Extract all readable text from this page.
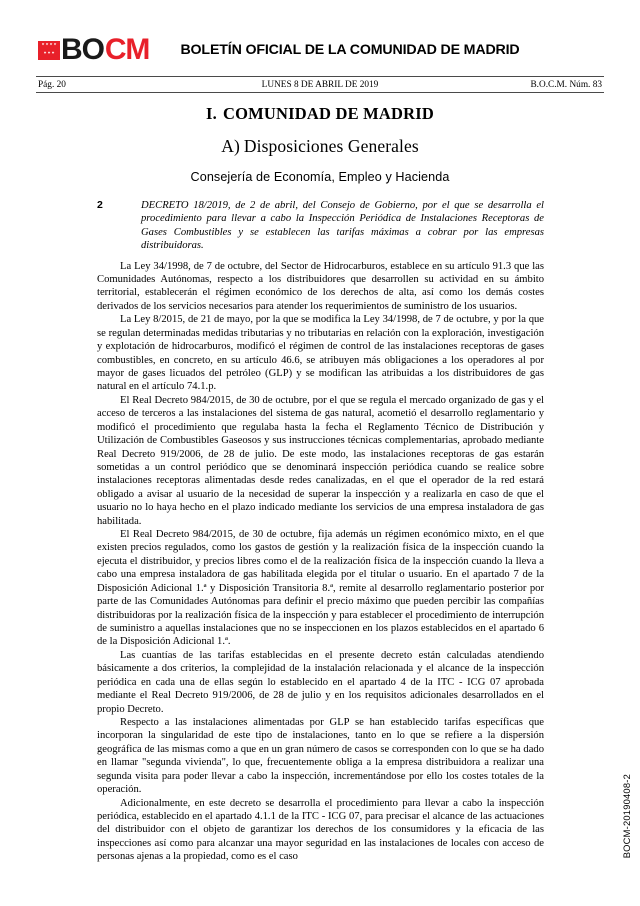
BOLETÍN OFICIAL DE LA COMUNIDAD DE MADRID
BO CM
Pág. 20	LUNES 8 DE ABRIL DE 2019	B.O.C.M. Núm. 83
I. COMUNIDAD DE MADRID
A) Disposiciones Generales
Consejería de Economía, Empleo y Hacienda
2	DECRETO 18/2019, de 2 de abril, del Consejo de Gobierno, por el que se desarrolla el procedimiento para llevar a cabo la Inspección Periódica de Instalaciones Receptoras de Gases Combustibles y se establecen las tarifas máximas a cobrar por las empresas distribuidoras.

La Ley 34/1998, de 7 de octubre, del Sector de Hidrocarburos, establece en su artículo 91.3 que las Comunidades Autónomas, respecto a los distribuidores que desarrollen su actividad en su ámbito territorial, establecerán el régimen económico de los derechos de alta, así como los demás costes derivados de los servicios necesarios para atender los requerimientos de suministro de los usuarios.

La Ley 8/2015, de 21 de mayo, por la que se modifica la Ley 34/1998, de 7 de octubre, y por la que se regulan determinadas medidas tributarias y no tributarias en relación con la exploración, investigación y explotación de hidrocarburos, modificó el régimen de control de las instalaciones receptoras de gases combustibles, en concreto, en su artículo 46.6, se atribuyen más obligaciones a los operadores al por mayor de gases licuados del petróleo (GLP) y se modifican las atribuidas a los distribuidores de gas natural en el artículo 74.1.p.

El Real Decreto 984/2015, de 30 de octubre, por el que se regula el mercado organizado de gas y el acceso de terceros a las instalaciones del sistema de gas natural, acometió el desarrollo reglamentario y modificó el procedimiento que regulaba hasta la fecha el Reglamento Técnico de Distribución y Utilización de Combustibles Gaseosos y sus instrucciones técnicas complementarias, aprobado mediante Real Decreto 919/2006, de 28 de julio. De este modo, las instalaciones receptoras de gas estarán sometidas a un control periódico que se denominará inspección periódica cuando se realice sobre instalaciones receptoras alimentadas desde redes canalizadas, en el que el operador de la red estará obligado a avisar al usuario de la necesidad de superar la inspección y a realizarla en caso de que el usuario no lo haya hecho en el plazo indicado mediante los servicios de una empresa instaladora de gas habilitada.

El Real Decreto 984/2015, de 30 de octubre, fija además un régimen económico mixto, en el que existen precios regulados, como los gastos de gestión y la realización física de la inspección cuando la ejecuta el distribuidor, y precios libres como el de la realización física de la inspección cuando la lleva a cabo una empresa instaladora de gas habilitada elegida por el titular o usuario. En el apartado 7 de la Disposición Adicional 1.ª y Disposición Transitoria 8.ª, remite al desarrollo reglamentario posterior por parte de las Comunidades Autónomas para definir el precio máximo que pueden percibir las compañías distribuidoras por la realización física de la inspección y para establecer el procedimiento de interrupción de suministro a aquellas instalaciones que no se inspeccionen en los plazos establecidos en el apartado 6 de la Disposición Adicional 1.ª.

Las cuantías de las tarifas establecidas en el presente decreto están calculadas atendiendo básicamente a dos criterios, la complejidad de la instalación relacionada y el alcance de la inspección periódica en cada una de ellas según lo establecido en el apartado 4 de la ITC - ICG 07 aprobada mediante el Real Decreto 919/2006, de 28 de julio y en los requisitos adicionales desarrollados en el propio Decreto.

Respecto a las instalaciones alimentadas por GLP se han establecido tarifas específicas que incorporan la singularidad de este tipo de instalaciones, tanto en lo que se refiere a la dispersión geográfica de las mismas como a que en un gran número de casos se corresponden con lo que se ha dado en llamar "segunda vivienda", lo que, frecuentemente obliga a la empresa distribuidora a realizar una segunda visita para poder llevar a cabo la inspección, incrementándose por ello los costes totales de la operación.

Adicionalmente, en este decreto se desarrolla el procedimiento para llevar a cabo la inspección periódica, establecido en el apartado 4.1.1 de la ITC - ICG 07, para precisar el alcance de las actuaciones del distribuidor con el objeto de garantizar los derechos de los consumidores y la eficacia de las inspecciones así como para alcanzar una mayor seguridad en las instalaciones de locales con acceso de personas ajenas a la propiedad, como es el caso	BOCM-20190408-2
